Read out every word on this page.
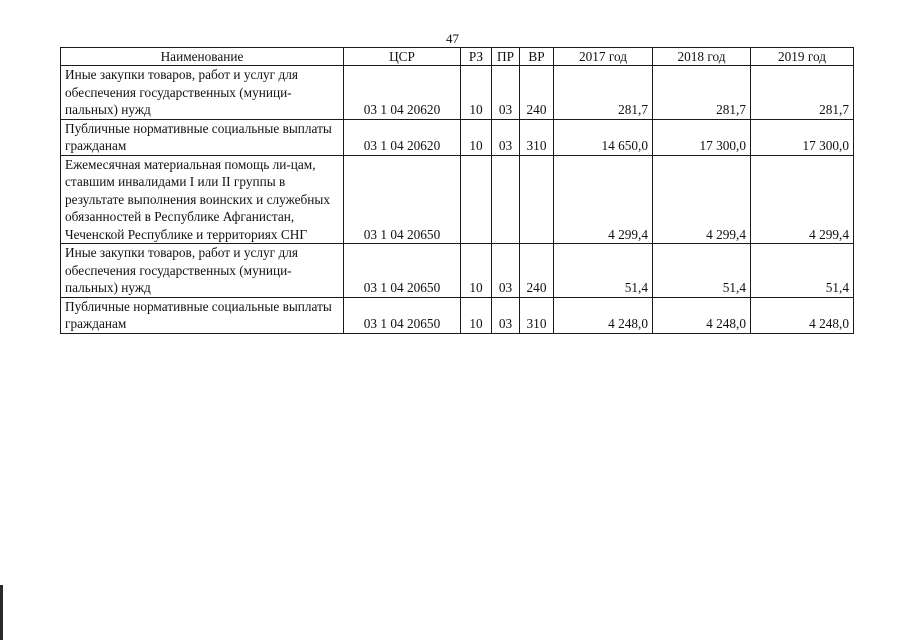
47
Наименование	ЦСР	РЗ	ПР	ВР	2017 год	2018 год	2019 год
Иные закупки товаров, работ и услуг для обеспечения государственных (муници-пальных) нужд	03 1 04 20620	10	03	240	281,7	281,7	281,7
Публичные нормативные социальные выплаты гражданам	03 1 04 20620	10	03	310	14 650,0	17 300,0	17 300,0
Ежемесячная материальная помощь ли-цам, ставшим инвалидами I или II группы в результате выполнения воинских и служебных обязанностей в Республике Афганистан, Чеченской Республике и территориях СНГ	03 1 04 20650				4 299,4	4 299,4	4 299,4
Иные закупки товаров, работ и услуг для обеспечения государственных (муници-пальных) нужд	03 1 04 20650	10	03	240	51,4	51,4	51,4
Публичные нормативные социальные выплаты гражданам	03 1 04 20650	10	03	310	4 248,0	4 248,0	4 248,0
